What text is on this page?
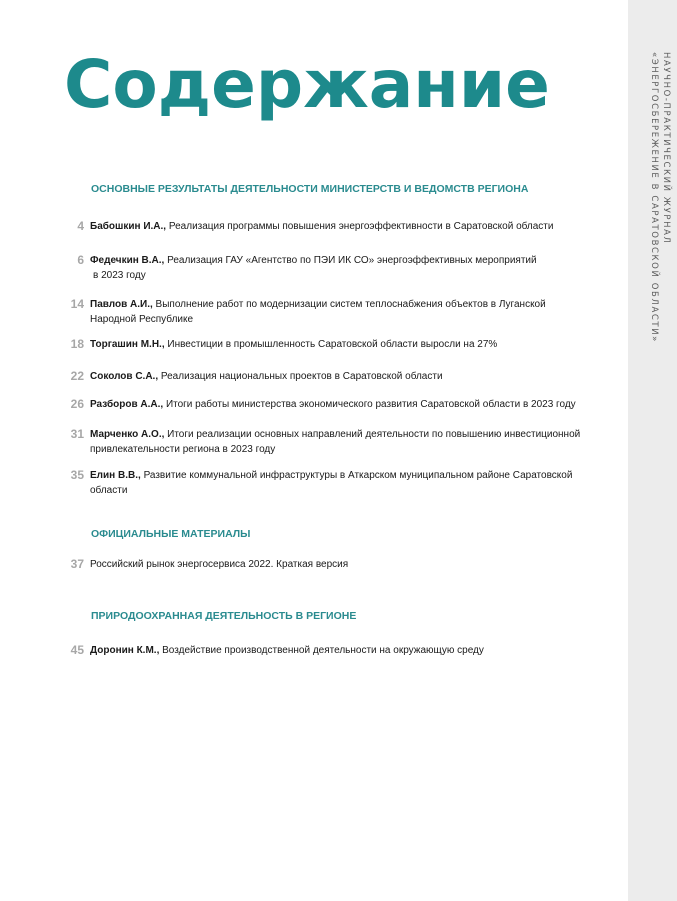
НАУЧНО-ПРАКТИЧЕСКИЙ ЖУРНАЛ
«ЭНЕРГОСБЕРЕЖЕНИЕ В САРАТОВСКОЙ ОБЛАСТИ»
Содержание
ОСНОВНЫЕ РЕЗУЛЬТАТЫ ДЕЯТЕЛЬНОСТИ МИНИСТЕРСТВ И ВЕДОМСТВ РЕГИОНА
4 Бабошкин И.А., Реализация программы повышения энергоэффективности в Саратовской области
6 Федечкин В.А., Реализация ГАУ «Агентство по ПЭИ ИК СО» энергоэффективных мероприятий
в 2023 году
14 Павлов А.И., Выполнение работ по модернизации систем теплоснабжения объектов в Луганской
Народной Республике
18 Торгашин М.Н., Инвестиции в промышленность Саратовской области выросли на 27%
22 Соколов С.А., Реализация национальных проектов в Саратовской области
26 Разборов А.А., Итоги работы министерства экономического развития Саратовской области в 2023 году
31 Марченко А.О., Итоги реализации основных направлений деятельности по повышению инвестиционной
привлекательности региона в 2023 году
35 Елин В.В., Развитие коммунальной инфраструктуры в Аткарском муниципальном районе Саратовской
области
ОФИЦИАЛЬНЫЕ МАТЕРИАЛЫ
37 Российский рынок энергосервиса 2022. Краткая версия
ПРИРОДООХРАННАЯ ДЕЯТЕЛЬНОСТЬ В РЕГИОНЕ
45 Доронин К.М., Воздействие производственной деятельности на окружающую среду
